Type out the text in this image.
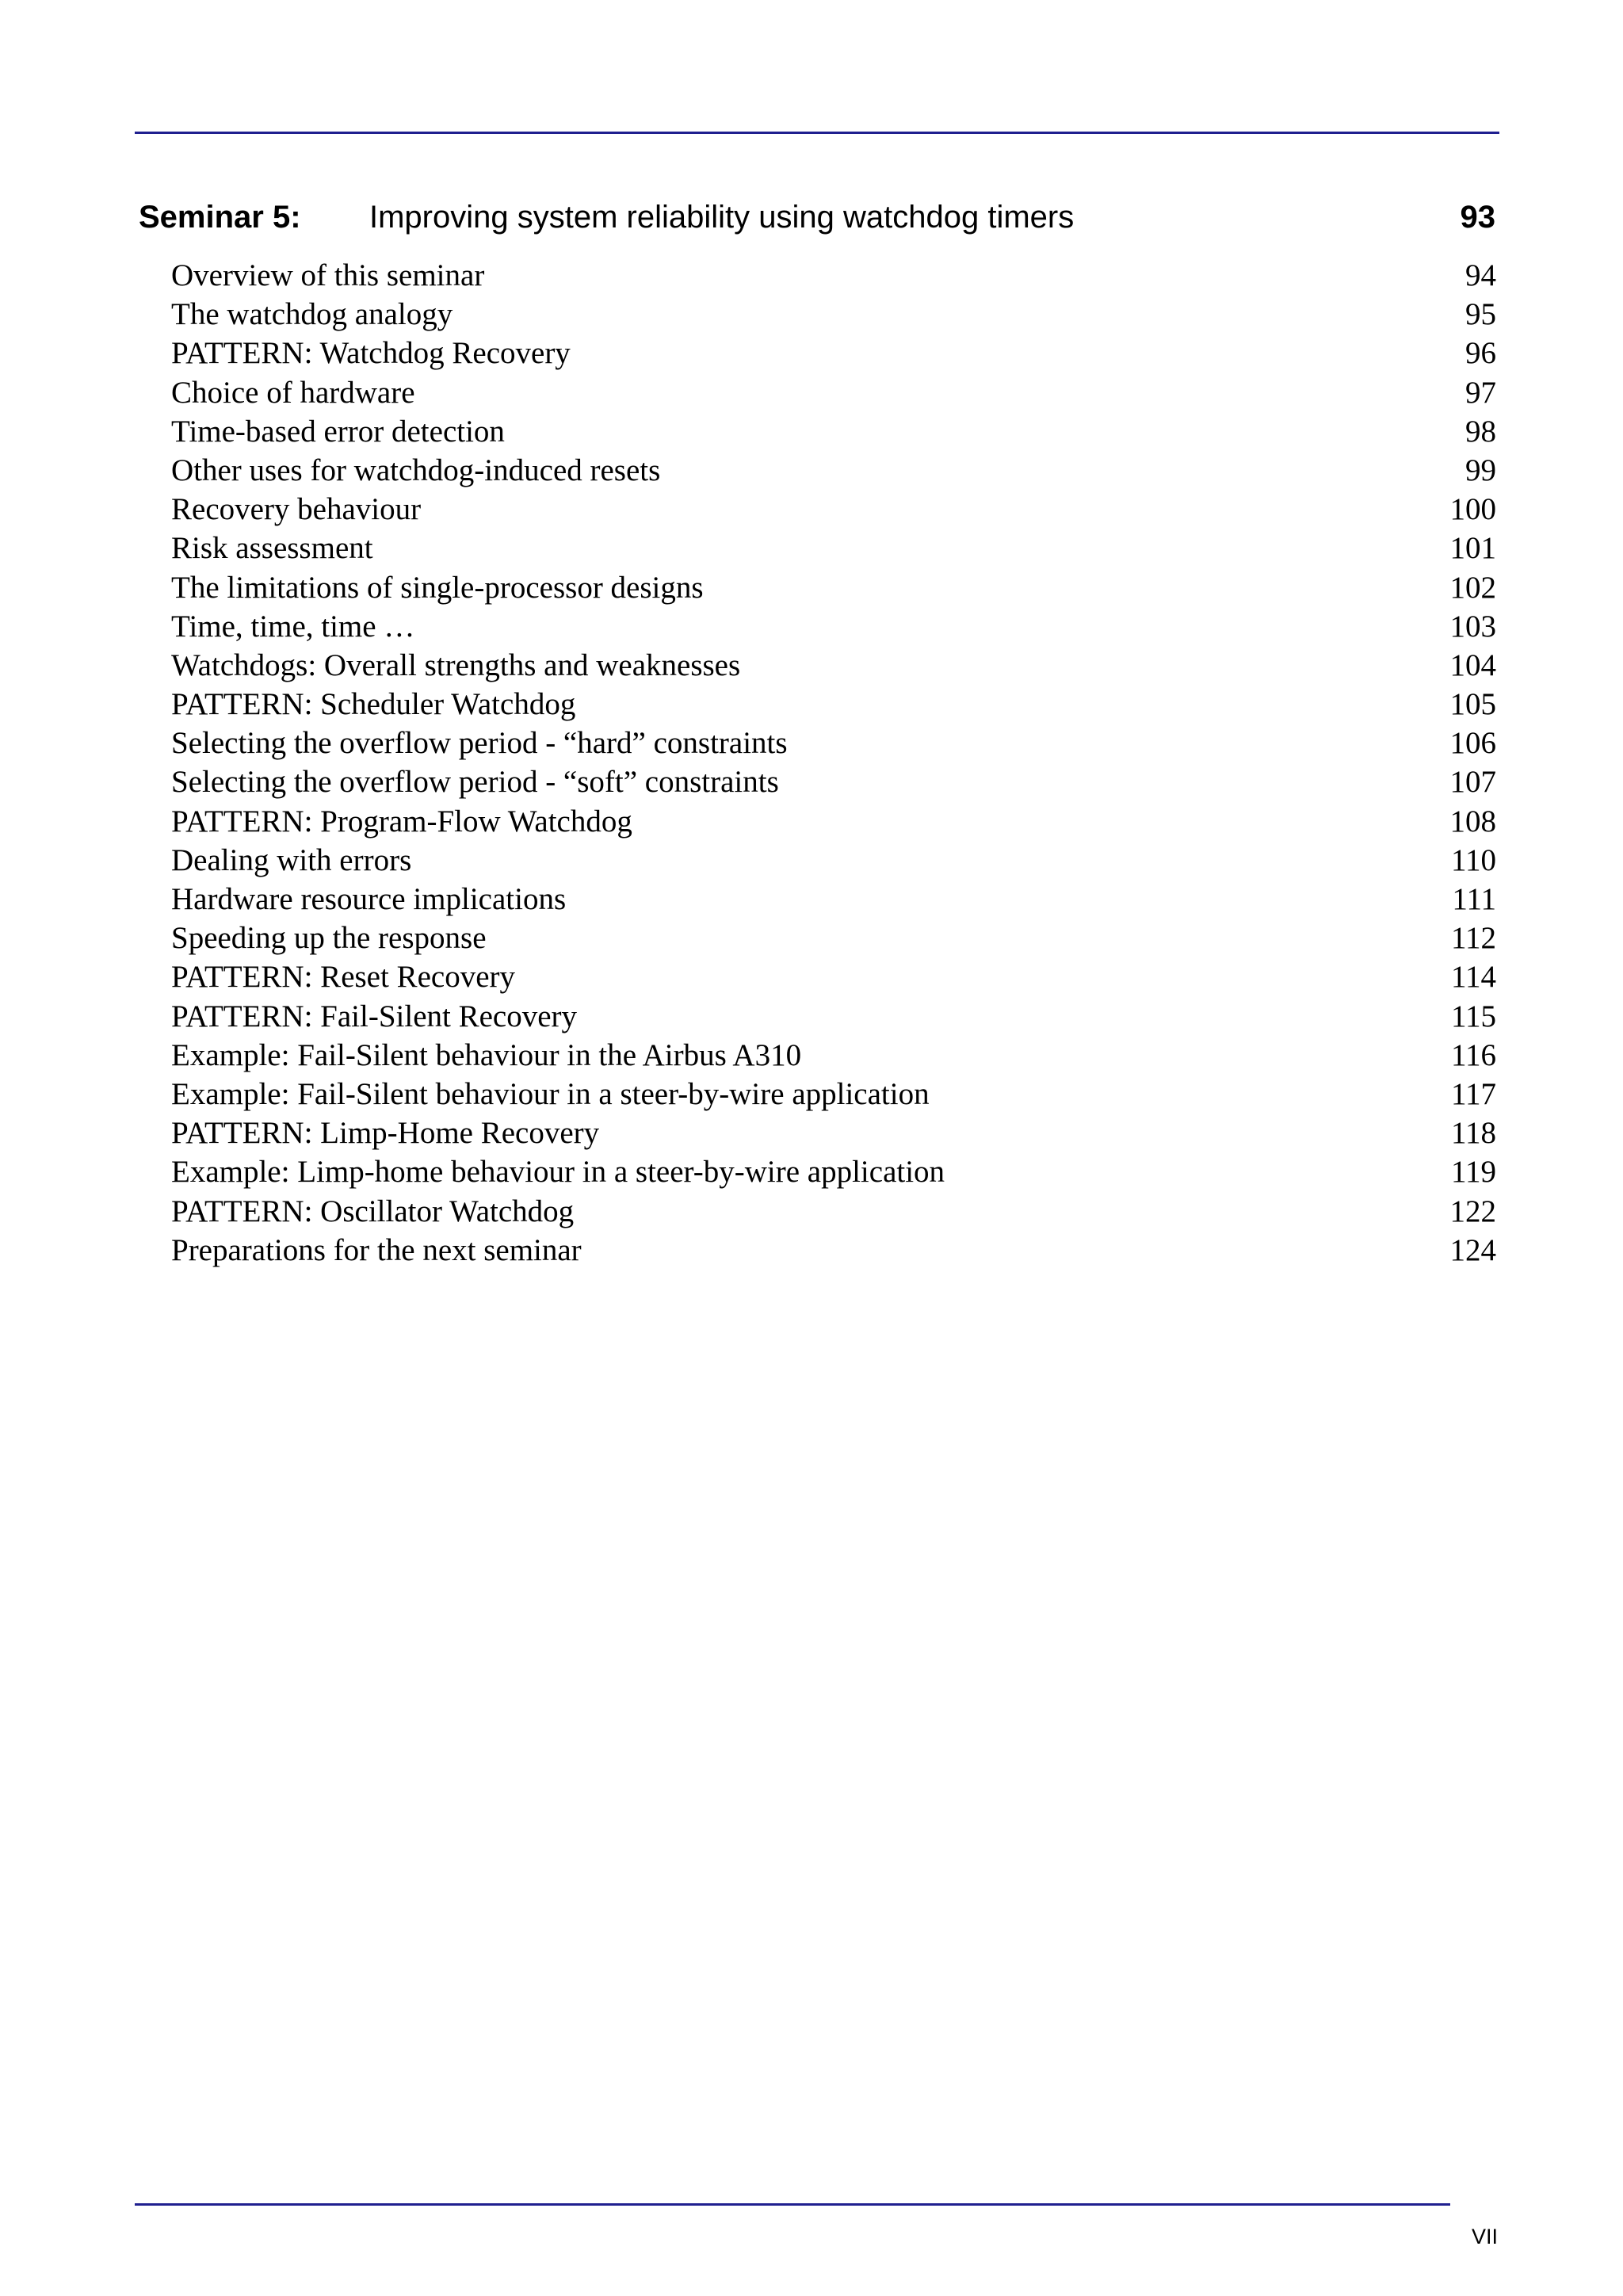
Seminar 5: Improving system reliability using watchdog timers	93
Overview of this seminar	94
The watchdog analogy	95
PATTERN: Watchdog Recovery	96
Choice of hardware	97
Time-based error detection	98
Other uses for watchdog-induced resets	99
Recovery behaviour	100
Risk assessment	101
The limitations of single-processor designs	102
Time, time, time …	103
Watchdogs: Overall strengths and weaknesses	104
PATTERN: Scheduler Watchdog	105
Selecting the overflow period - “hard” constraints	106
Selecting the overflow period - “soft” constraints	107
PATTERN: Program-Flow Watchdog	108
Dealing with errors	110
Hardware resource implications	111
Speeding up the response	112
PATTERN: Reset Recovery	114
PATTERN: Fail-Silent Recovery	115
Example: Fail-Silent behaviour in the Airbus A310	116
Example: Fail-Silent behaviour in a steer-by-wire application	117
PATTERN: Limp-Home Recovery	118
Example: Limp-home behaviour in a steer-by-wire application	119
PATTERN: Oscillator Watchdog	122
Preparations for the next seminar	124
VII
